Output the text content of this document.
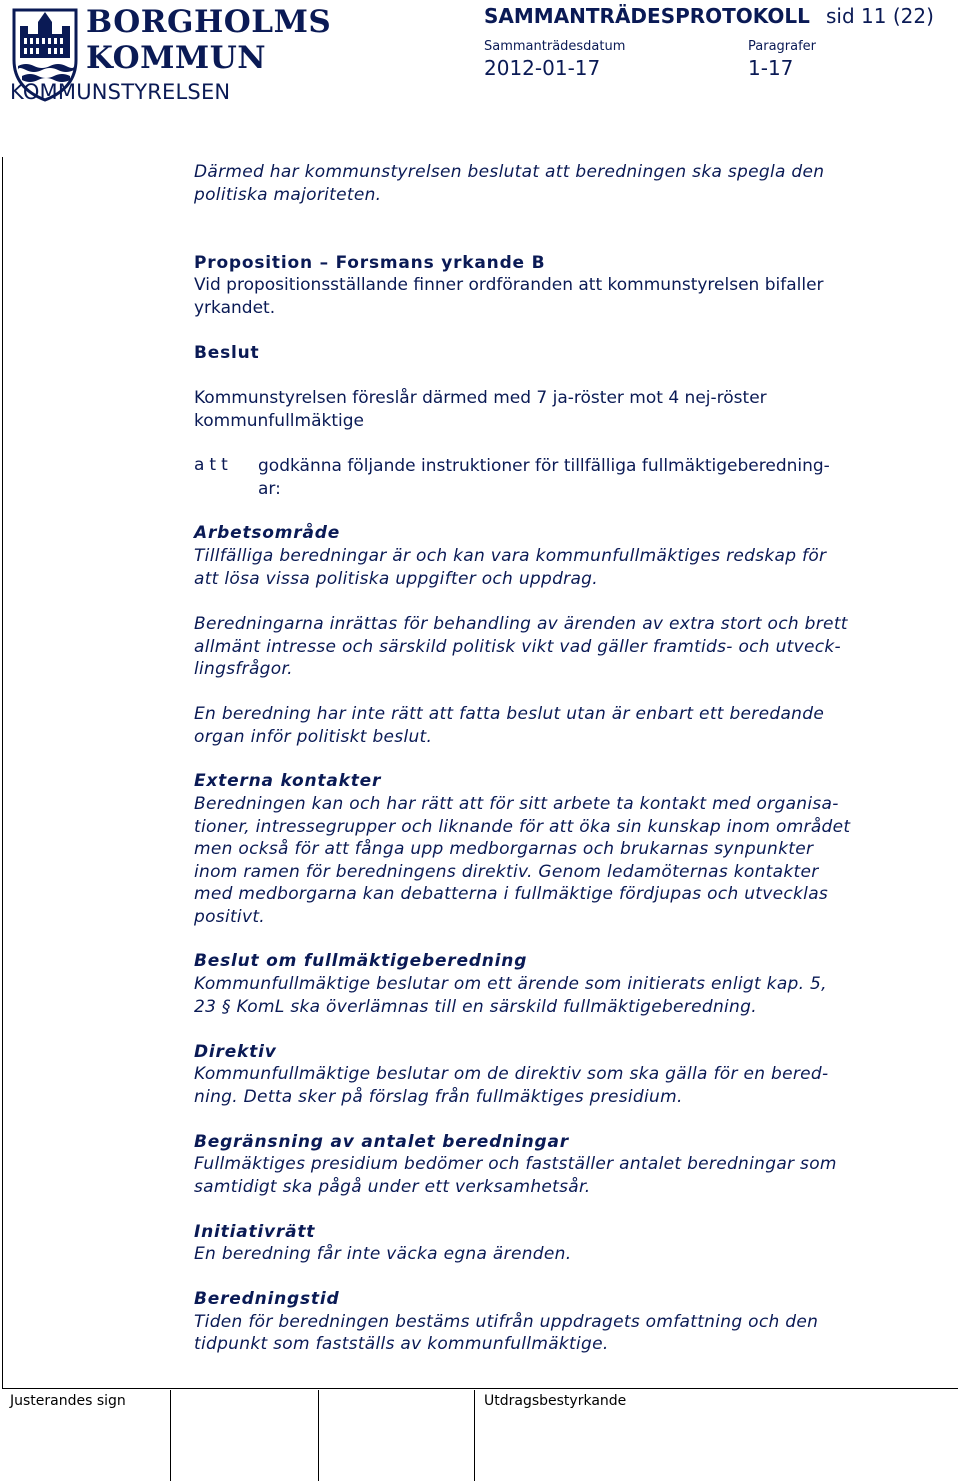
BORGHOLMS
KOMMUN
KOMMUNSTYRELSEN
SAMMANTRÄDESPROTOKOLL sid 11 (22)
Sammanträdesdatum
2012-01-17
Paragrafer
1-17
Därmed har kommunstyrelsen beslutat att beredningen ska spegla den
politiska majoriteten.
Proposition – Forsmans yrkande B
Vid propositionsställande finner ordföranden att kommunstyrelsen bifaller
yrkandet.
Beslut
Kommunstyrelsen föreslår därmed med 7 ja-röster mot 4 nej-röster
kommunfullmäktige
att godkänna följande instruktioner för tillfälliga fullmäktigeberedning-
ar:
Arbetsområde
Tillfälliga beredningar är och kan vara kommunfullmäktiges redskap för
att lösa vissa politiska uppgifter och uppdrag.
Beredningarna inrättas för behandling av ärenden av extra stort och brett
allmänt intresse och särskild politisk vikt vad gäller framtids- och utveck-
lingsfrågor.
En beredning har inte rätt att fatta beslut utan är enbart ett beredande
organ inför politiskt beslut.
Externa kontakter
Beredningen kan och har rätt att för sitt arbete ta kontakt med organisa-
tioner, intressegrupper och liknande för att öka sin kunskap inom området
men också för att fånga upp medborgarnas och brukarnas synpunkter
inom ramen för beredningens direktiv. Genom ledamöternas kontakter
med medborgarna kan debatterna i fullmäktige fördjupas och utvecklas
positivt.
Beslut om fullmäktigeberedning
Kommunfullmäktige beslutar om ett ärende som initierats enligt kap. 5,
23 § KomL ska överlämnas till en särskild fullmäktigeberedning.
Direktiv
Kommunfullmäktige beslutar om de direktiv som ska gälla för en bered-
ning. Detta sker på förslag från fullmäktiges presidium.
Begränsning av antalet beredningar
Fullmäktiges presidium bedömer och fastställer antalet beredningar som
samtidigt ska pågå under ett verksamhetsår.
Initiativrätt
En beredning får inte väcka egna ärenden.
Beredningstid
Tiden för beredningen bestäms utifrån uppdragets omfattning och den
tidpunkt som fastställs av kommunfullmäktige.
Justerandes sign	Utdragsbestyrkande
